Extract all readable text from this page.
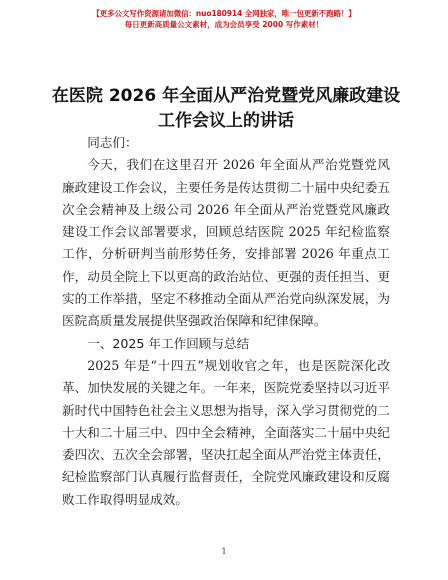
【更多公文写作资源请加微信：nuo180914 全网独家，唯一包更新不跑路！】
每日更新高质量公文素材，成为会员享受 2000 写作素材！
在医院 2026 年全面从严治党暨党风廉政建设工作会议上的讲话

同志们：

今天，我们在这里召开 2026 年全面从严治党暨党风廉政建设工作会议，主要任务是传达贯彻二十届中央纪委五次全会精神及上级公司 2026 年全面从严治党暨党风廉政建设工作会议部署要求，回顾总结医院 2025 年纪检监察工作，分析研判当前形势任务，安排部署 2026 年重点工作，动员全院上下以更高的政治站位、更强的责任担当、更实的工作举措，坚定不移推动全面从严治党向纵深发展，为医院高质量发展提供坚强政治保障和纪律保障。

一、2025 年工作回顾与总结

2025 年是“十四五”规划收官之年，也是医院深化改革、加快发展的关键之年。一年来，医院党委坚持以习近平新时代中国特色社会主义思想为指导，深入学习贯彻党的二十大和二十届三中、四中全会精神，全面落实二十届中央纪委四次、五次全会部署，坚决扛起全面从严治党主体责任，纪检监察部门认真履行监督责任，全院党风廉政建设和反腐败工作取得明显成效。

1
